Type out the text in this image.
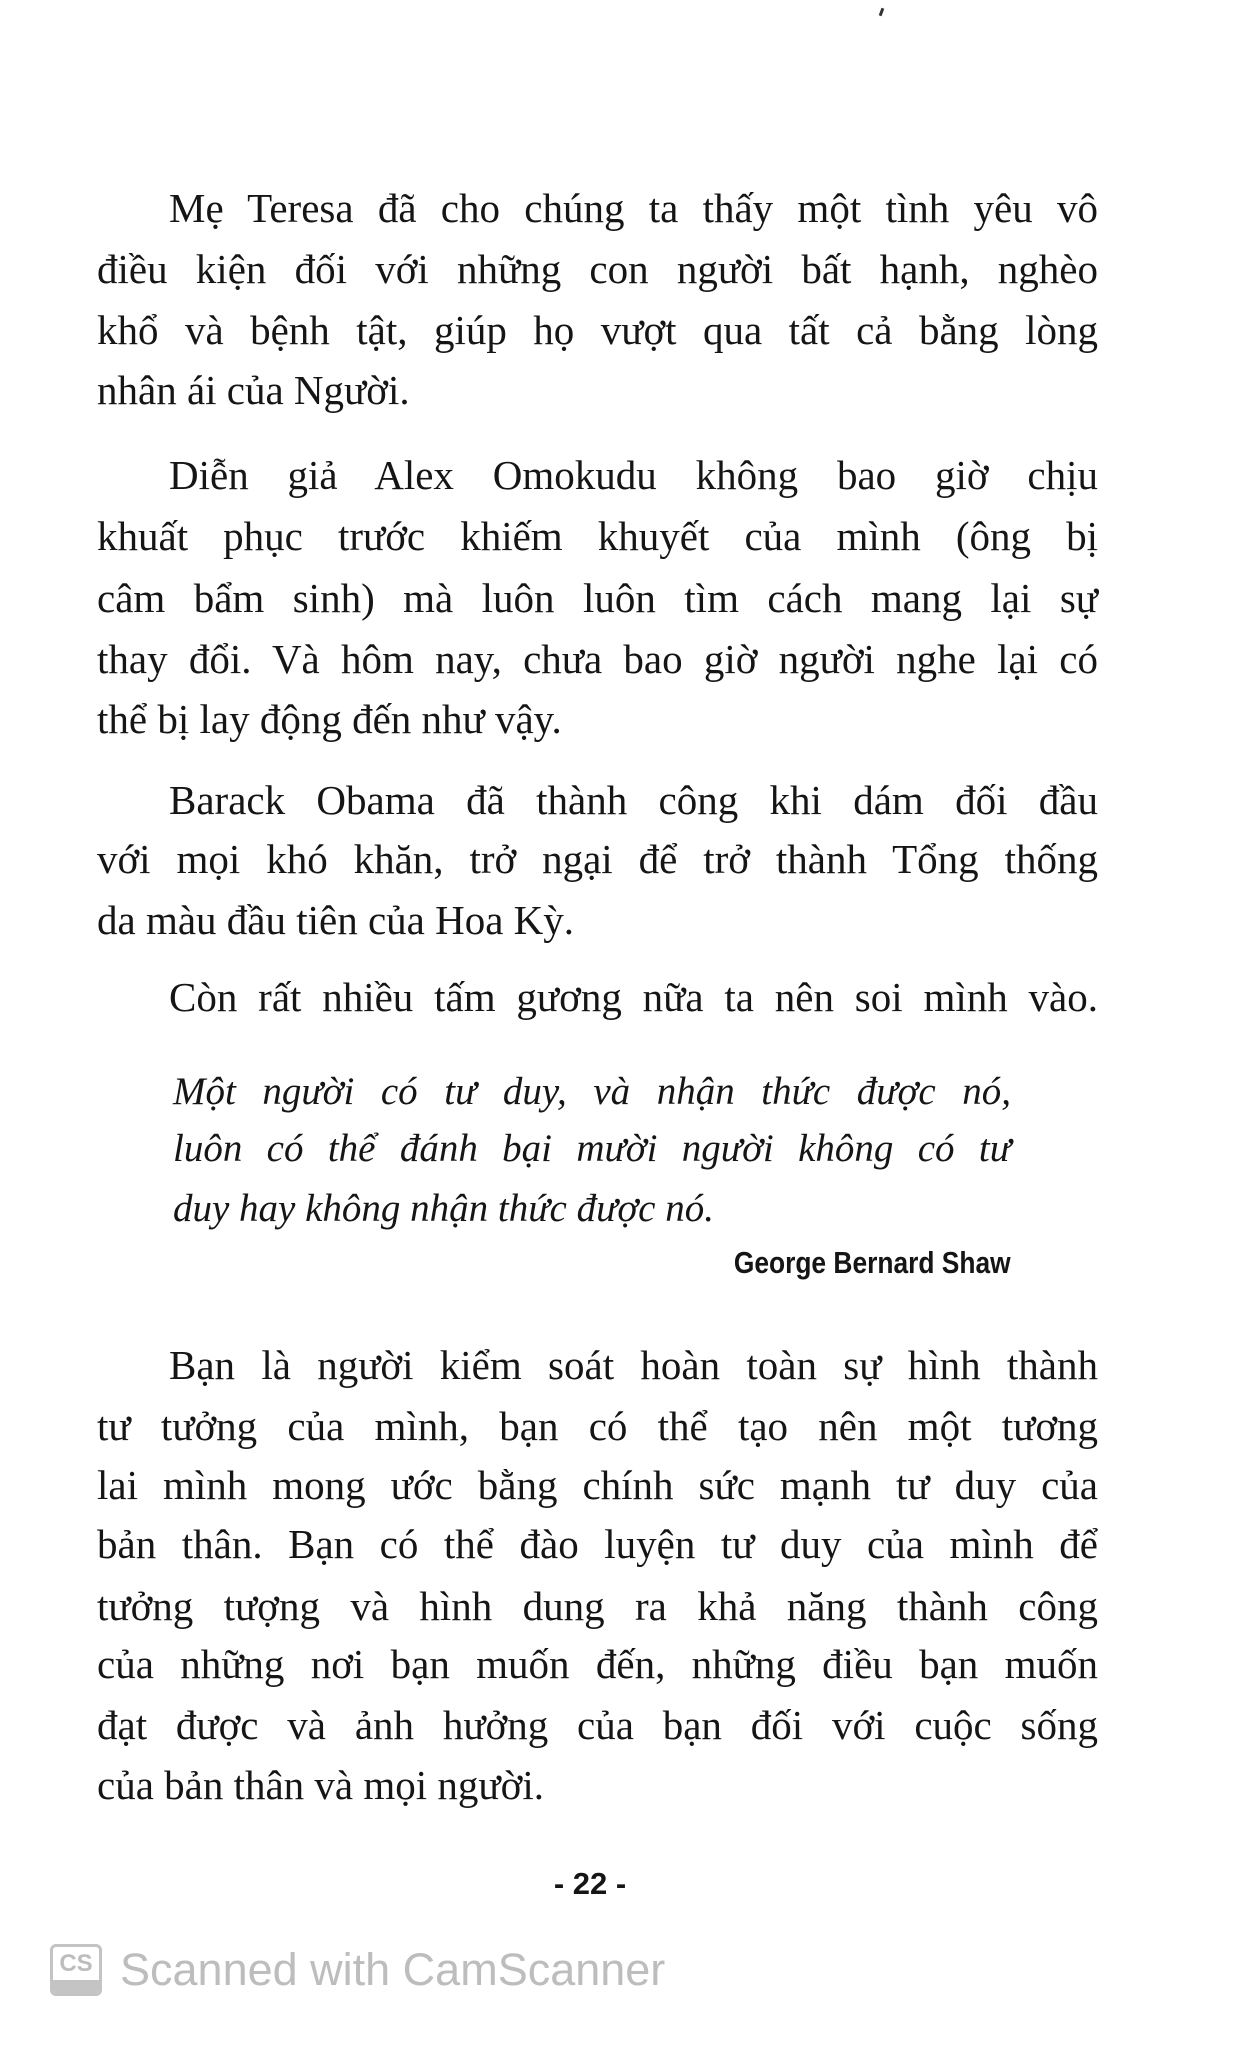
Mẹ Teresa đã cho chúng ta thấy một tình yêu vô
điều kiện đối với những con người bất hạnh, nghèo
khổ và bệnh tật, giúp họ vượt qua tất cả bằng lòng
nhân ái của Người.
Diễn giả Alex Omokudu không bao giờ chịu
khuất phục trước khiếm khuyết của mình (ông bị
câm bẩm sinh) mà luôn luôn tìm cách mang lại sự
thay đổi. Và hôm nay, chưa bao giờ người nghe lại có
thể bị lay động đến như vậy.
Barack Obama đã thành công khi dám đối đầu
với mọi khó khăn, trở ngại để trở thành Tổng thống
da màu đầu tiên của Hoa Kỳ.
Còn rất nhiều tấm gương nữa ta nên soi mình vào.
Một người có tư duy, và nhận thức được nó,
luôn có thể đánh bại mười người không có tư
duy hay không nhận thức được nó.
George Bernard Shaw
Bạn là người kiểm soát hoàn toàn sự hình thành
tư tưởng của mình, bạn có thể tạo nên một tương
lai mình mong ước bằng chính sức mạnh tư duy của
bản thân. Bạn có thể đào luyện tư duy của mình để
tưởng tượng và hình dung ra khả năng thành công
của những nơi bạn muốn đến, những điều bạn muốn
đạt được và ảnh hưởng của bạn đối với cuộc sống
của bản thân và mọi người.
- 22 -
CS Scanned with CamScanner
